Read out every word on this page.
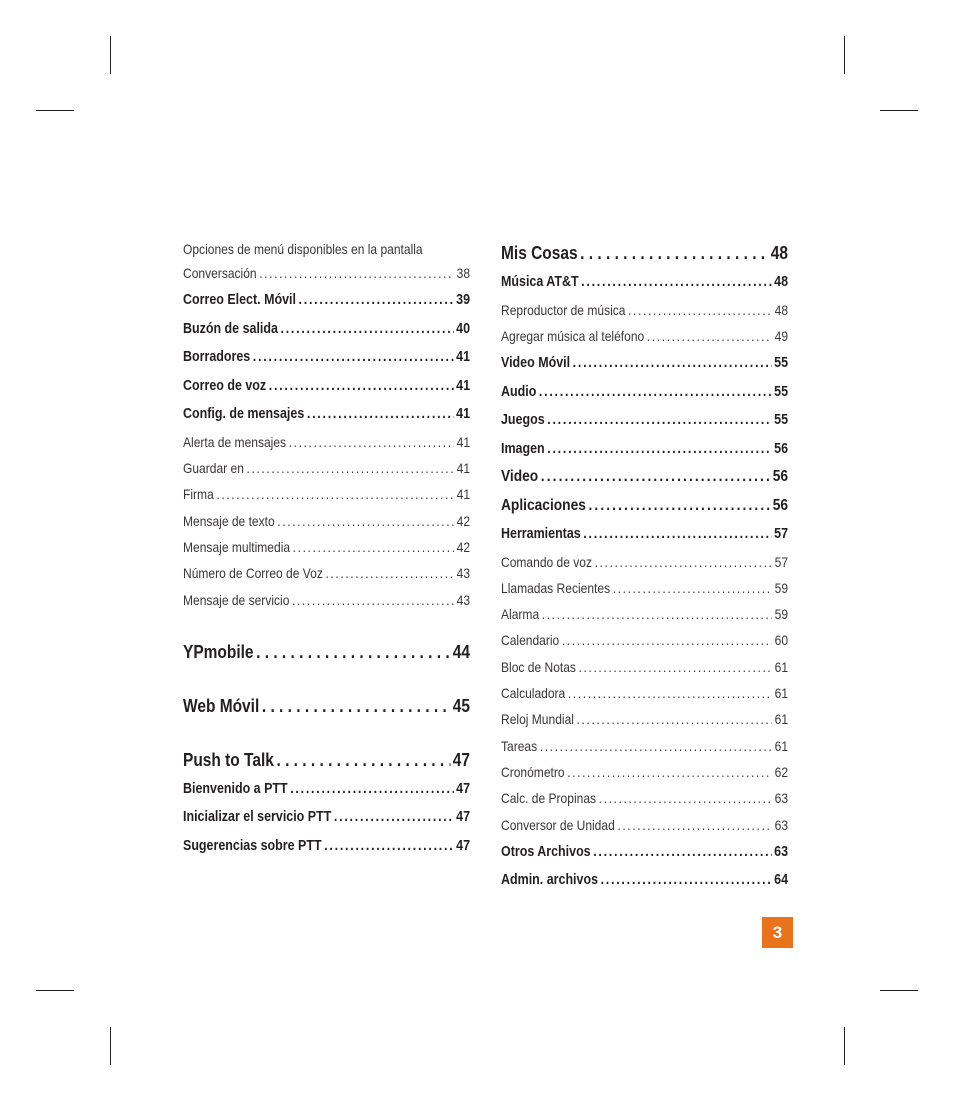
Opciones de menú disponibles en la pantalla
Conversación . . .	38
Correo Elect. Móvil . . .	39
Buzón de salida . . .	40
Borradores . . .	41
Correo de voz . . .	41
Config. de mensajes . . .	41
Alerta de mensajes . . .	41
Guardar en . . .	41
Firma . . .	41
Mensaje de texto . . .	42
Mensaje multimedia . . .	42
Número de Correo de Voz . . .	43
Mensaje de servicio . . .	43
YPmobile . . .	44
Web Móvil . . .	45
Push to Talk . . .	47
Bienvenido a PTT . . .	47
Inicializar el servicio PTT . . .	47
Sugerencias sobre PTT . . .	47
Mis Cosas . . .	48
Música AT&T . . .	48
Reproductor de música . . .	48
Agregar música al teléfono . . .	49
Video Móvil . . .	55
Audio . . .	55
Juegos . . .	55
Imagen . . .	56
Video . . .	56
Aplicaciones . . .	56
Herramientas . . .	57
Comando de voz . . .	57
Llamadas Recientes . . .	59
Alarma . . .	59
Calendario . . .	60
Bloc de Notas . . .	61
Calculadora . . .	61
Reloj Mundial . . .	61
Tareas . . .	61
Cronómetro . . .	62
Calc. de Propinas . . .	63
Conversor de Unidad . . .	63
Otros Archivos . . .	63
Admin. archivos . . .	64
3
